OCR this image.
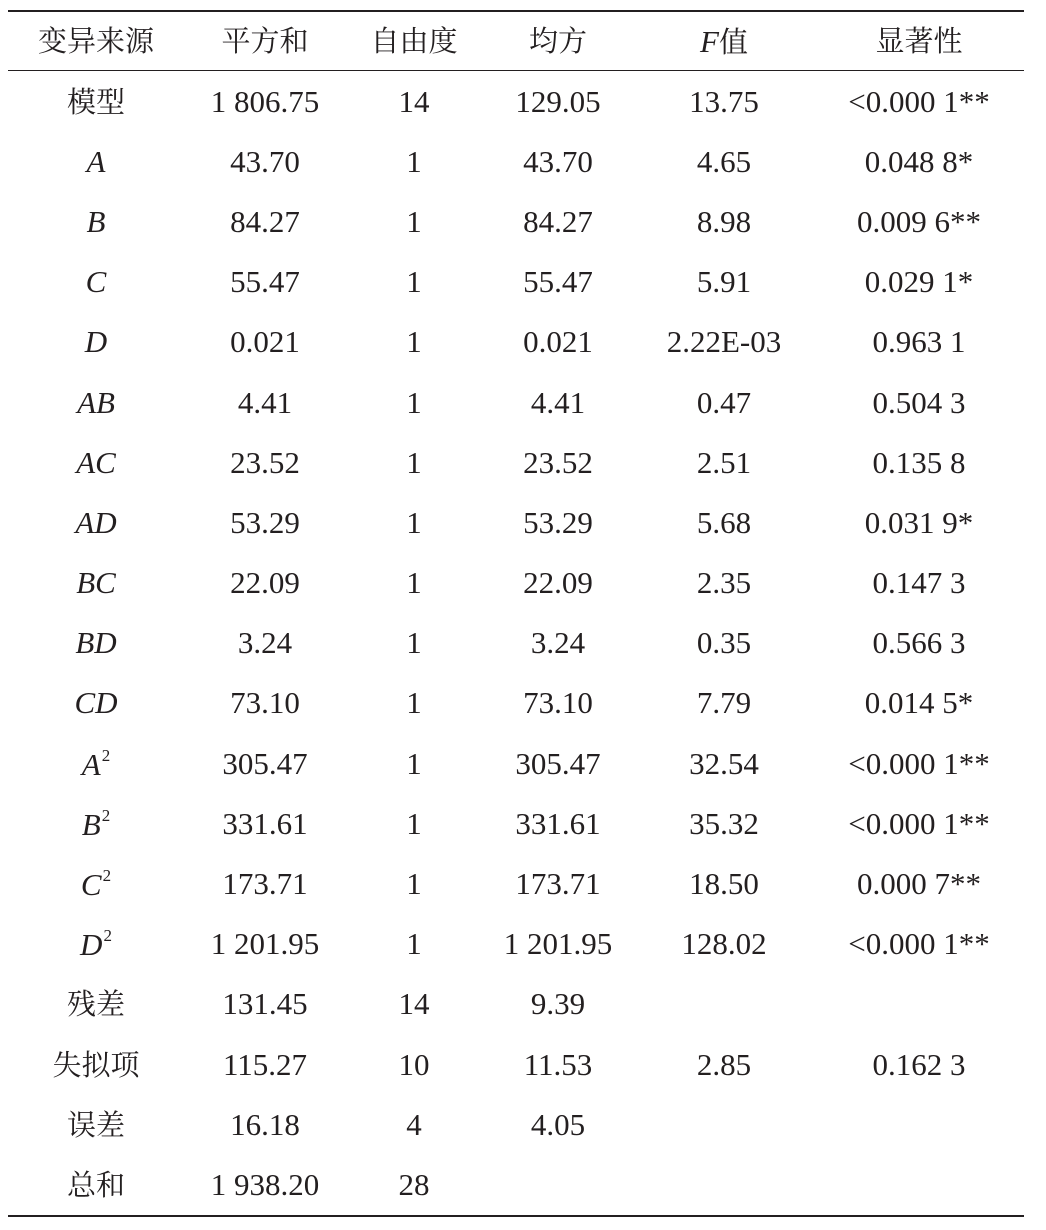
变异来源	平方和	自由度	均方	F值	显著性
模型	1 806.75	14	129.05	13.75	<0.000 1**
A	43.70	1	43.70	4.65	0.048 8*
B	84.27	1	84.27	8.98	0.009 6**
C	55.47	1	55.47	5.91	0.029 1*
D	0.021	1	0.021	2.22E-03	0.963 1
AB	4.41	1	4.41	0.47	0.504 3
AC	23.52	1	23.52	2.51	0.135 8
AD	53.29	1	53.29	5.68	0.031 9*
BC	22.09	1	22.09	2.35	0.147 3
BD	3.24	1	3.24	0.35	0.566 3
CD	73.10	1	73.10	7.79	0.014 5*
$A^2$	305.47	1	305.47	32.54	<0.000 1**
$B^2$	331.61	1	331.61	35.32	<0.000 1**
$C^2$	173.71	1	173.71	18.50	0.000 7**
$D^2$	1 201.95	1	1 201.95	128.02	<0.000 1**
残差	131.45	14	9.39		
失拟项	115.27	10	11.53	2.85	0.162 3
误差	16.18	4	4.05		
总和	1 938.20	28			
